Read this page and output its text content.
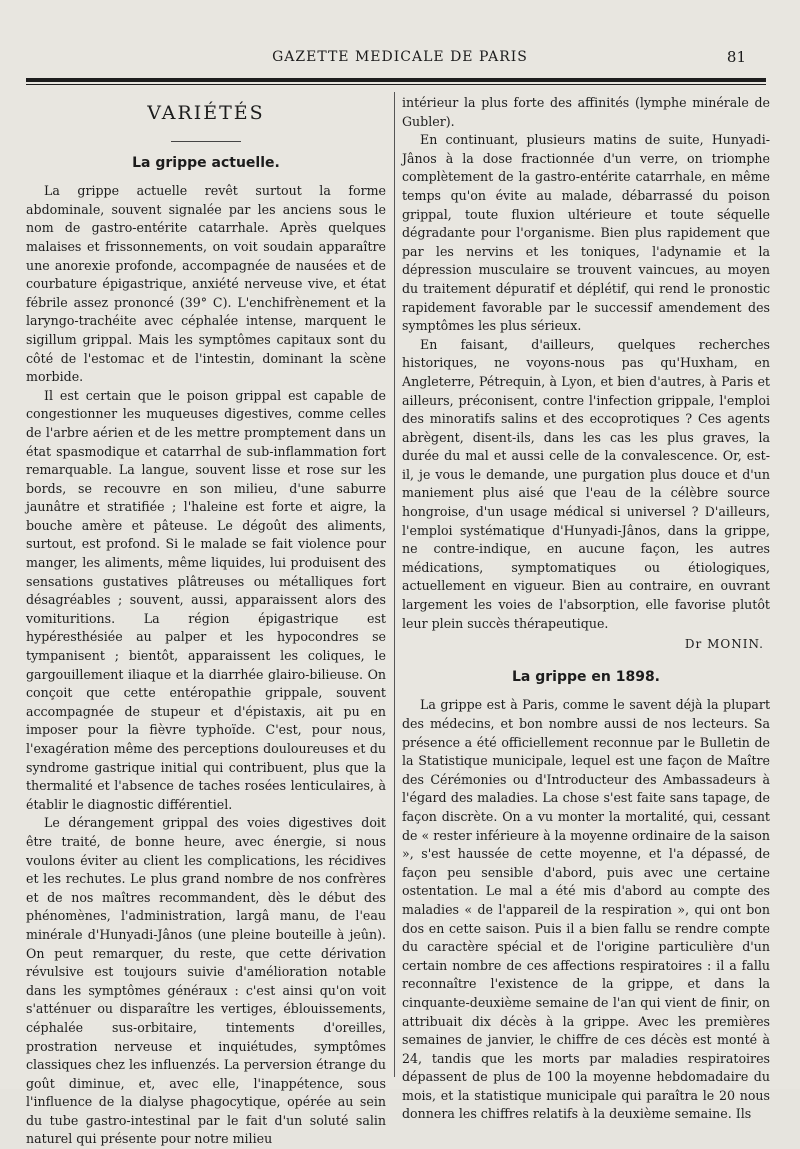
GAZETTE MEDICALE DE PARIS	81
VARIÉTÉS
La grippe actuelle.

La grippe actuelle revêt surtout la forme abdominale, souvent signalée par les anciens sous le nom de gastro-entérite catarrhale. Après quelques malaises et frissonnements, on voit soudain apparaître une anorexie profonde, accompagnée de nausées et de courbature épigastrique, anxiété nerveuse vive, et état fébrile assez prononcé (39° C). L'enchifrènement et la laryngo-trachéite avec céphalée intense, marquent le sigillum grippal. Mais les symptômes capitaux sont du côté de l'estomac et de l'intestin, dominant la scène morbide.

Il est certain que le poison grippal est capable de congestionner les muqueuses digestives, comme celles de l'arbre aérien et de les mettre promptement dans un état spasmodique et catarrhal de sub-inflammation fort remarquable. La langue, souvent lisse et rose sur les bords, se recouvre en son milieu, d'une saburre jaunâtre et stratifiée ; l'haleine est forte et aigre, la bouche amère et pâteuse. Le dégoût des aliments, surtout, est profond. Si le malade se fait violence pour manger, les aliments, même liquides, lui produisent des sensations gustatives plâtreuses ou métalliques fort désagréables ; souvent, aussi, apparaissent alors des vomituritions. La région épigastrique est hypéresthésiée au palper et les hypocondres se tympanisent ; bientôt, apparaissent les coliques, le gargouillement iliaque et la diarrhée glairo-bilieuse. On conçoit que cette entéropathie grippale, souvent accompagnée de stupeur et d'épistaxis, ait pu en imposer pour la fièvre typhoïde. C'est, pour nous, l'exagération même des perceptions douloureuses et du syndrome gastrique initial qui contribuent, plus que la thermalité et l'absence de taches rosées lenticulaires, à établir le diagnostic différentiel.

Le dérangement grippal des voies digestives doit être traité, de bonne heure, avec énergie, si nous voulons éviter au client les complications, les récidives et les rechutes. Le plus grand nombre de nos confrères et de nos maîtres recommandent, dès le début des phénomènes, l'administration, largâ manu, de l'eau minérale d'Hunyadi-Jânos (une pleine bouteille à jeûn). On peut remarquer, du reste, que cette dérivation révulsive est toujours suivie d'amélioration notable dans les symptômes généraux : c'est ainsi qu'on voit s'atténuer ou disparaître les vertiges, éblouissements, céphalée sus-orbitaire, tintements d'oreilles, prostration nerveuse et inquiétudes, symptômes classiques chez les influenzés. La perversion étrange du goût diminue, et, avec elle, l'inappétence, sous l'influence de la dialyse phagocytique, opérée au sein du tube gastro-intestinal par le fait d'un soluté salin naturel qui présente pour notre milieu

intérieur la plus forte des affinités (lymphe minérale de Gubler).

En continuant, plusieurs matins de suite, Hunyadi-Jânos à la dose fractionnée d'un verre, on triomphe complètement de la gastro-entérite catarrhale, en même temps qu'on évite au malade, débarrassé du poison grippal, toute fluxion ultérieure et toute séquelle dégradante pour l'organisme. Bien plus rapidement que par les nervins et les toniques, l'adynamie et la dépression musculaire se trouvent vaincues, au moyen du traitement dépuratif et déplétif, qui rend le pronostic rapidement favorable par le successif amendement des symptômes les plus sérieux.

En faisant, d'ailleurs, quelques recherches historiques, ne voyons-nous pas qu'Huxham, en Angleterre, Pétrequin, à Lyon, et bien d'autres, à Paris et ailleurs, préconisent, contre l'infection grippale, l'emploi des minoratifs salins et des eccoprotiques ? Ces agents abrègent, disent-ils, dans les cas les plus graves, la durée du mal et aussi celle de la convalescence. Or, est-il, je vous le demande, une purgation plus douce et d'un maniement plus aisé que l'eau de la célèbre source hongroise, d'un usage médical si universel ? D'ailleurs, l'emploi systématique d'Hunyadi-Jânos, dans la grippe, ne contre-indique, en aucune façon, les autres médications, symptomatiques ou étiologiques, actuellement en vigueur. Bien au contraire, en ouvrant largement les voies de l'absorption, elle favorise plutôt leur plein succès thérapeutique.

Dr MONIN.
La grippe en 1898.

La grippe est à Paris, comme le savent déjà la plupart des médecins, et bon nombre aussi de nos lecteurs. Sa présence a été officiellement reconnue par le Bulletin de la Statistique municipale, lequel est une façon de Maître des Cérémonies ou d'Introducteur des Ambassadeurs à l'égard des maladies. La chose s'est faite sans tapage, de façon discrète. On a vu monter la mortalité, qui, cessant de « rester inférieure à la moyenne ordinaire de la saison », s'est haussée de cette moyenne, et l'a dépassé, de façon peu sensible d'abord, puis avec une certaine ostentation. Le mal a été mis d'abord au compte des maladies « de l'appareil de la respiration », qui ont bon dos en cette saison. Puis il a bien fallu se rendre compte du caractère spécial et de l'origine particulière d'un certain nombre de ces affections respiratoires : il a fallu reconnaître l'existence de la grippe, et dans la cinquante-deuxième semaine de l'an qui vient de finir, on attribuait dix décès à la grippe. Avec les premières semaines de janvier, le chiffre de ces décès est monté à 24, tandis que les morts par maladies respiratoires dépassent de plus de 100 la moyenne hebdomadaire du mois, et la statistique municipale qui paraîtra le 20 nous donnera les chiffres relatifs à la deuxième semaine. Ils
